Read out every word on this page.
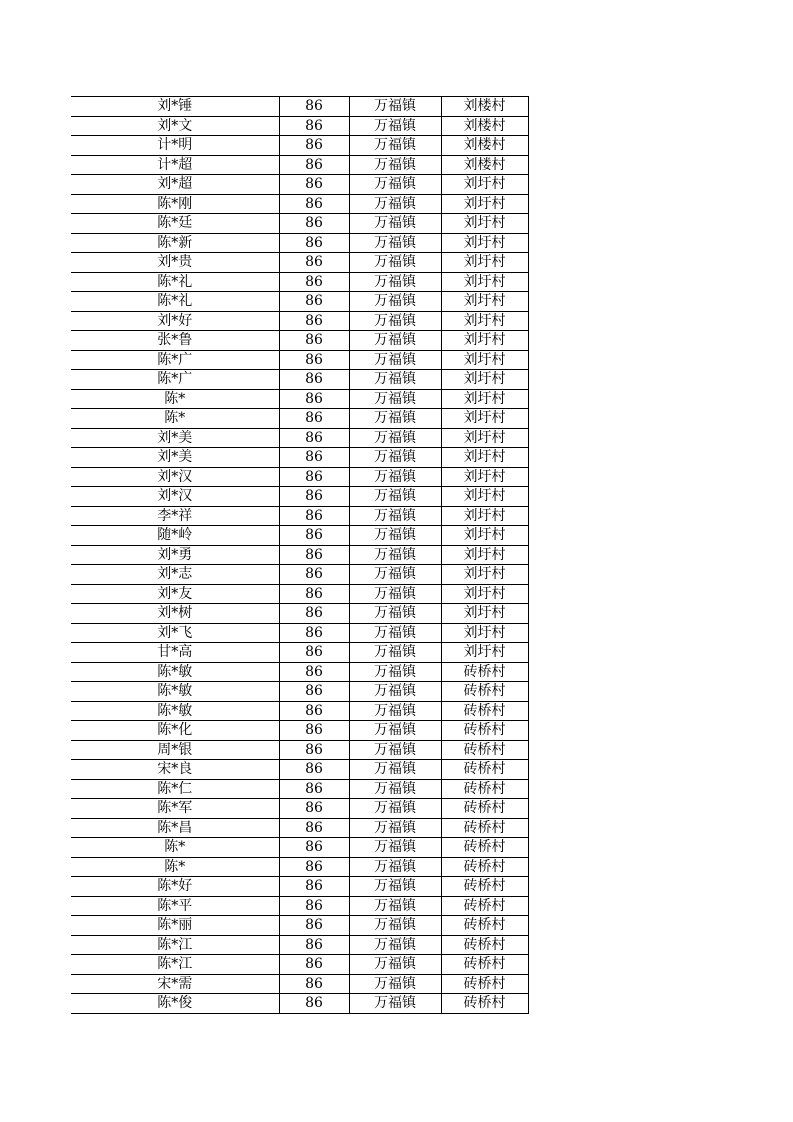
刘*锤	86	万福镇	刘楼村
刘*文	86	万福镇	刘楼村
计*明	86	万福镇	刘楼村
计*超	86	万福镇	刘楼村
刘*超	86	万福镇	刘圩村
陈*刚	86	万福镇	刘圩村
陈*廷	86	万福镇	刘圩村
陈*新	86	万福镇	刘圩村
刘*贵	86	万福镇	刘圩村
陈*礼	86	万福镇	刘圩村
陈*礼	86	万福镇	刘圩村
刘*好	86	万福镇	刘圩村
张*鲁	86	万福镇	刘圩村
陈*广	86	万福镇	刘圩村
陈*广	86	万福镇	刘圩村
陈*	86	万福镇	刘圩村
陈*	86	万福镇	刘圩村
刘*美	86	万福镇	刘圩村
刘*美	86	万福镇	刘圩村
刘*汉	86	万福镇	刘圩村
刘*汉	86	万福镇	刘圩村
李*祥	86	万福镇	刘圩村
随*岭	86	万福镇	刘圩村
刘*勇	86	万福镇	刘圩村
刘*志	86	万福镇	刘圩村
刘*友	86	万福镇	刘圩村
刘*树	86	万福镇	刘圩村
刘*飞	86	万福镇	刘圩村
甘*高	86	万福镇	刘圩村
陈*敏	86	万福镇	砖桥村
陈*敏	86	万福镇	砖桥村
陈*敏	86	万福镇	砖桥村
陈*化	86	万福镇	砖桥村
周*银	86	万福镇	砖桥村
宋*良	86	万福镇	砖桥村
陈*仁	86	万福镇	砖桥村
陈*军	86	万福镇	砖桥村
陈*昌	86	万福镇	砖桥村
陈*	86	万福镇	砖桥村
陈*	86	万福镇	砖桥村
陈*好	86	万福镇	砖桥村
陈*平	86	万福镇	砖桥村
陈*丽	86	万福镇	砖桥村
陈*江	86	万福镇	砖桥村
陈*江	86	万福镇	砖桥村
宋*需	86	万福镇	砖桥村
陈*俊	86	万福镇	砖桥村
